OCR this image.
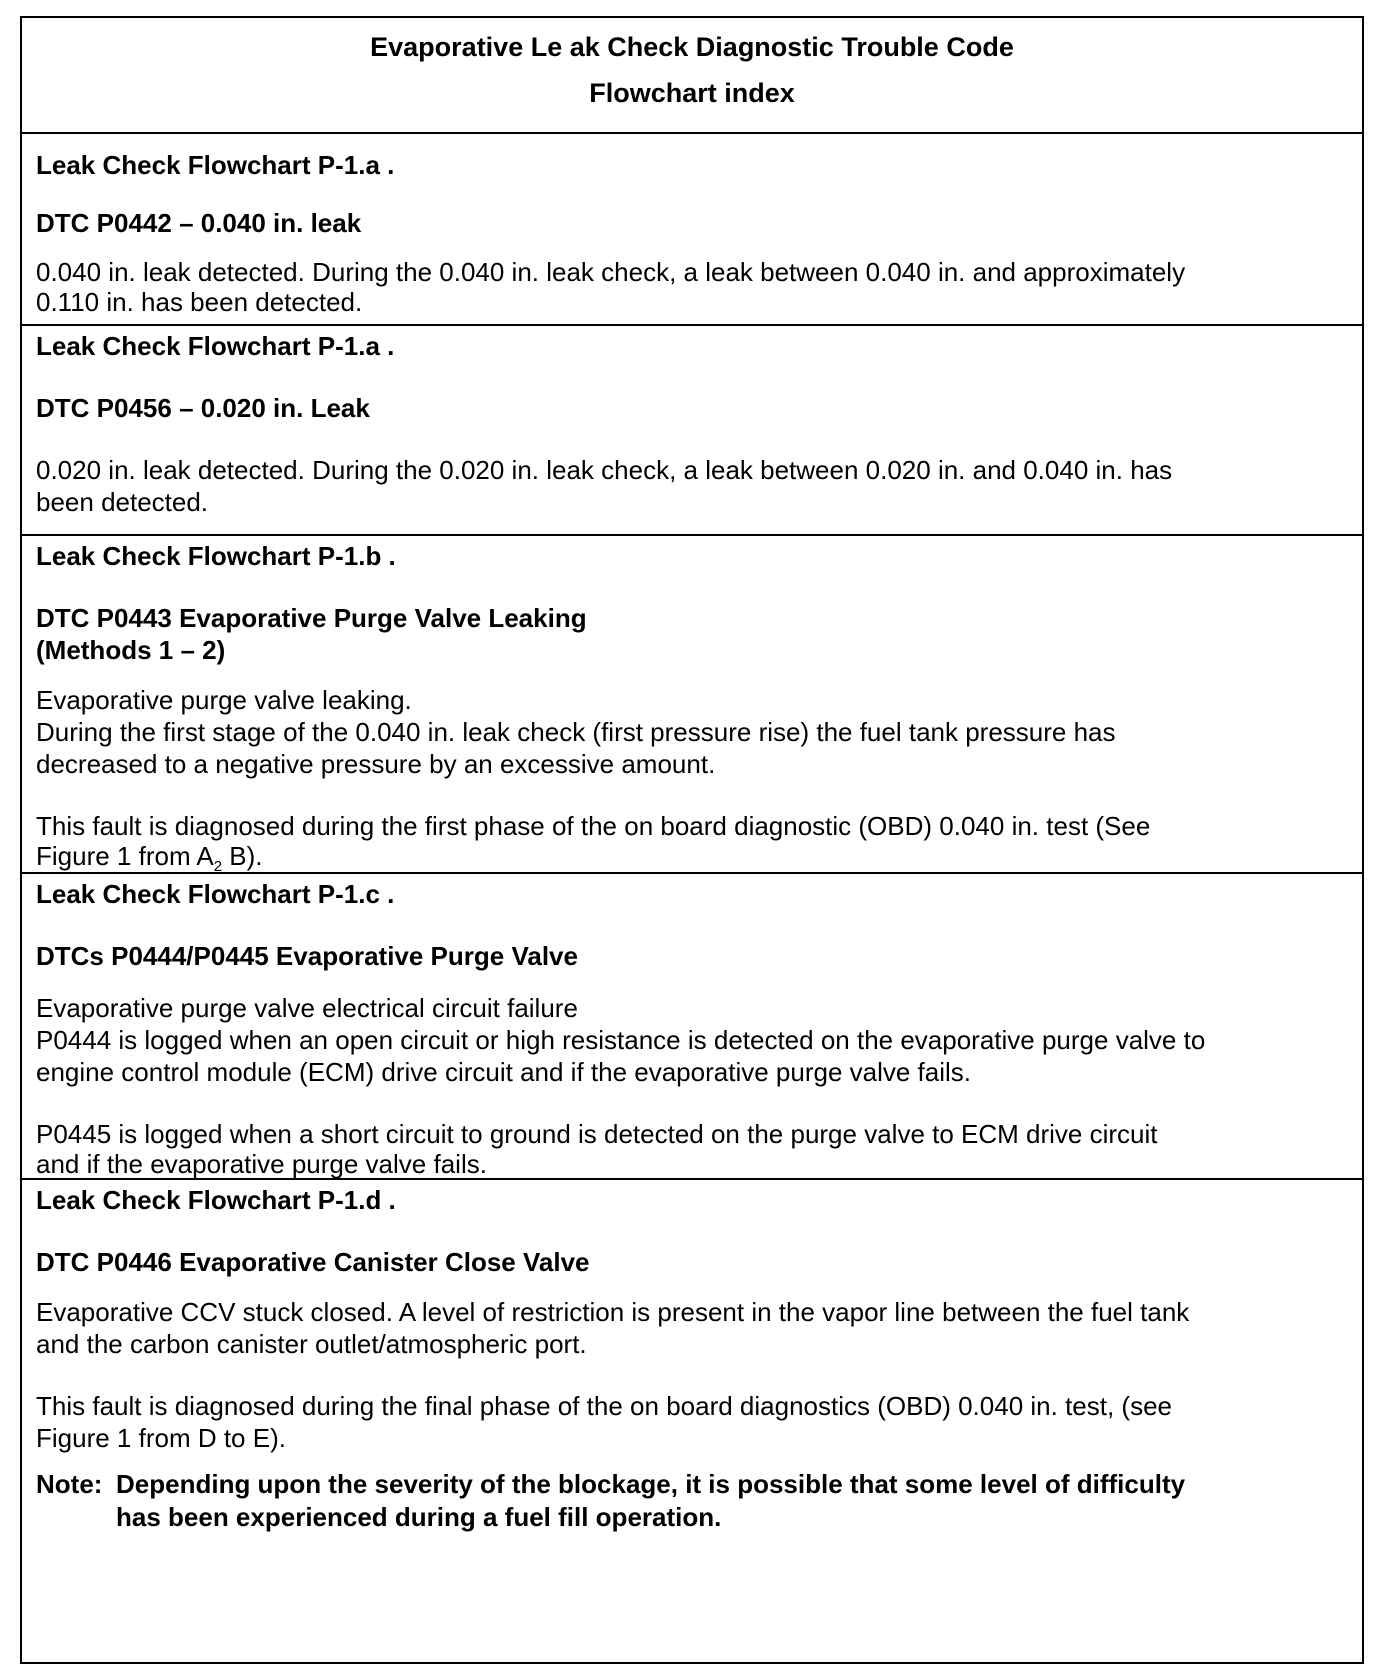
Evaporative Le ak Check Diagnostic Trouble Code
Flowchart index
Leak Check Flowchart P-1.a .
DTC P0442 – 0.040 in. leak
0.040 in. leak detected. During the 0.040 in. leak check, a leak between 0.040 in. and approximately
0.110 in. has been detected.
Leak Check Flowchart P-1.a .
DTC P0456 – 0.020 in. Leak
0.020 in. leak detected. During the 0.020 in. leak check, a leak between 0.020 in. and 0.040 in. has
been detected.
Leak Check Flowchart P-1.b .
DTC P0443 Evaporative Purge Valve Leaking
(Methods 1 – 2)
Evaporative purge valve leaking.
During the first stage of the 0.040 in. leak check (first pressure rise) the fuel tank pressure has
decreased to a negative pressure by an excessive amount.
This fault is diagnosed during the first phase of the on board diagnostic (OBD) 0.040 in. test (See
Figure 1 from $A_2$ B).
Leak Check Flowchart P-1.c .
DTCs P0444/P0445 Evaporative Purge Valve
Evaporative purge valve electrical circuit failure
P0444 is logged when an open circuit or high resistance is detected on the evaporative purge valve to
engine control module (ECM) drive circuit and if the evaporative purge valve fails.
P0445 is logged when a short circuit to ground is detected on the purge valve to ECM drive circuit
and if the evaporative purge valve fails.
Leak Check Flowchart P-1.d .
DTC P0446 Evaporative Canister Close Valve
Evaporative CCV stuck closed. A level of restriction is present in the vapor line between the fuel tank
and the carbon canister outlet/atmospheric port.
This fault is diagnosed during the final phase of the on board diagnostics (OBD) 0.040 in. test, (see
Figure 1 from D to E).
Note: Depending upon the severity of the blockage, it is possible that some level of difficulty
has been experienced during a fuel fill operation.
